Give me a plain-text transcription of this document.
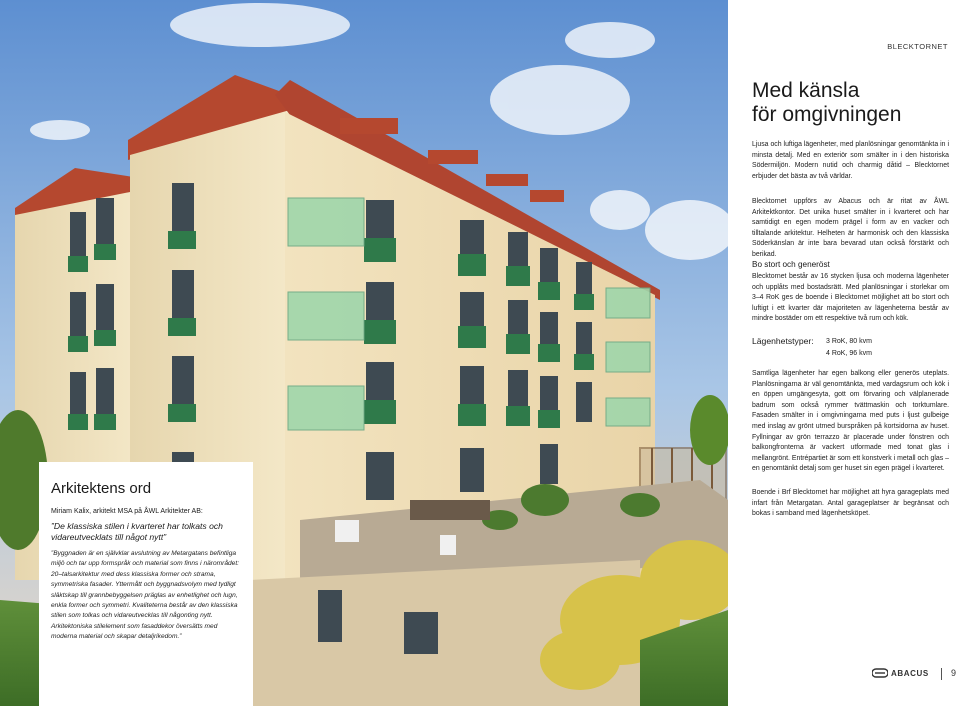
Arkitektens ord
Miriam Kalix, arkitekt MSA på ÅWL Arkitekter AB:
”De klassiska stilen i kvarteret har tolkats och vidareutvecklats till något nytt”
”Byggnaden är en självklar avslutning av Metargatans befintliga miljö och tar upp formspråk och material som finns i närområdet: 20–talsarkitektur med dess klassiska former och strama, symmetriska fasader. Yttermått och byggnadsvolym med tydligt släktskap till grannbebyggelsen präglas av enhetlighet och lugn, enkla former och symmetri. Kvaliteterna består av den klassiska stilen som tolkas och vidareutvecklas till någonting nytt. Arkitektoniska stilelement som fasaddekor översätts med moderna material och skapar detaljrikedom.”
BLECKTORNET
Med känsla
för omgivningen

Ljusa och luftiga lägenheter, med planlösningar genomtänkta in i minsta detalj. Med en exteriör som smälter in i den historiska Södermiljön. Modern nutid och charmig dåtid – Blecktornet erbjuder det bästa av två världar.

Blecktornet uppförs av Abacus och är ritat av ÅWL Arkitektkontor. Det unika huset smälter in i kvarteret och har samtidigt en egen modern prägel i form av en vacker och tilltalande arkitektur. Helheten är harmonisk och den klassiska Söderkänslan är inte bara bevarad utan också förstärkt och berikad.

Bo stort och generöst

Blecktornet består av 16 stycken ljusa och moderna lägenheter och upplåts med bostadsrätt. Med planlösningar i storlekar om 3–4 RoK ges de boende i Blecktornet möjlighet att bo stort och luftigt i ett kvarter där majoriteten av lägenheterna består av mindre bostäder om ett respektive två rum och kök.

Lägenhetstyper: 3 RoK, 80 kvm
4 RoK, 96 kvm

Samtliga lägenheter har egen balkong eller generös uteplats. Planlösningarna är väl genomtänkta, med vardagsrum och kök i en öppen umgängesyta, gott om förvaring och välplanerade badrum som också rymmer tvättmaskin och torktumlare. Fasaden smälter in i omgivningarna med puts i ljust gulbeige med inslag av grönt utmed burspråken på kortsidorna av huset. Fyllningar av grön terrazzo är placerade under fönstren och balkongfronterna är vackert utformade med tonat glas i mellangrönt. Entrépartiet är som ett konstverk i metall och glas – en genomtänkt detalj som ger huset sin egen prägel i kvarteret.

Boende i Brf Blecktornet har möjlighet att hyra garageplats med infart från Metargatan. Antal garageplatser är begränsat och bokas i samband med lägenhetsköpet.

ABACUS 9
